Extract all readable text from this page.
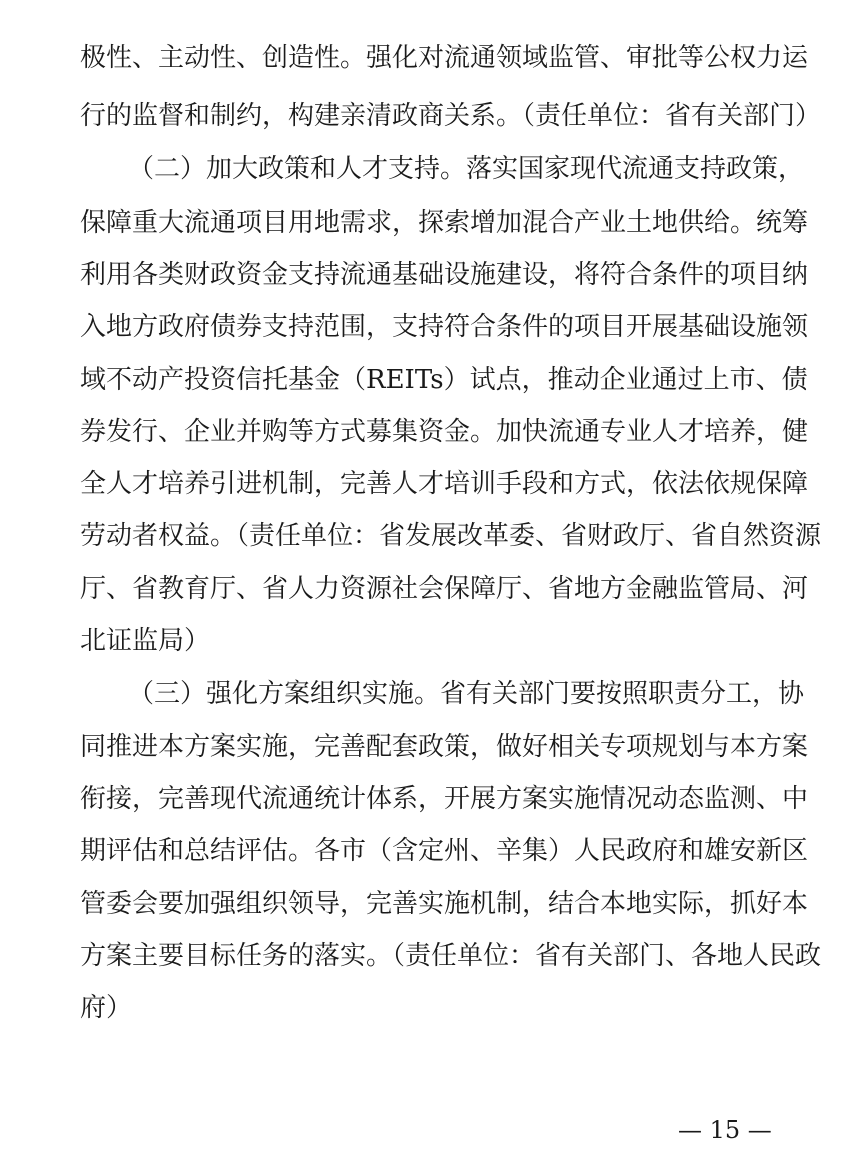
极性、主动性、创造性。强化对流通领域监管、审批等公权力运

行的监督和制约，构建亲清政商关系。（责任单位：省有关部门）

（二）加大政策和人才支持。落实国家现代流通支持政策，

保障重大流通项目用地需求，探索增加混合产业土地供给。统筹

利用各类财政资金支持流通基础设施建设，将符合条件的项目纳

入地方政府债券支持范围，支持符合条件的项目开展基础设施领

域不动产投资信托基金（REITs）试点，推动企业通过上市、债

券发行、企业并购等方式募集资金。加快流通专业人才培养，健

全人才培养引进机制，完善人才培训手段和方式，依法依规保障

劳动者权益。（责任单位：省发展改革委、省财政厅、省自然资源

厅、省教育厅、省人力资源社会保障厅、省地方金融监管局、河

北证监局）

（三）强化方案组织实施。省有关部门要按照职责分工，协

同推进本方案实施，完善配套政策，做好相关专项规划与本方案

衔接，完善现代流通统计体系，开展方案实施情况动态监测、中

期评估和总结评估。各市（含定州、辛集）人民政府和雄安新区

管委会要加强组织领导，完善实施机制，结合本地实际，抓好本

方案主要目标任务的落实。（责任单位：省有关部门、各地人民政

府）

— 15 —
